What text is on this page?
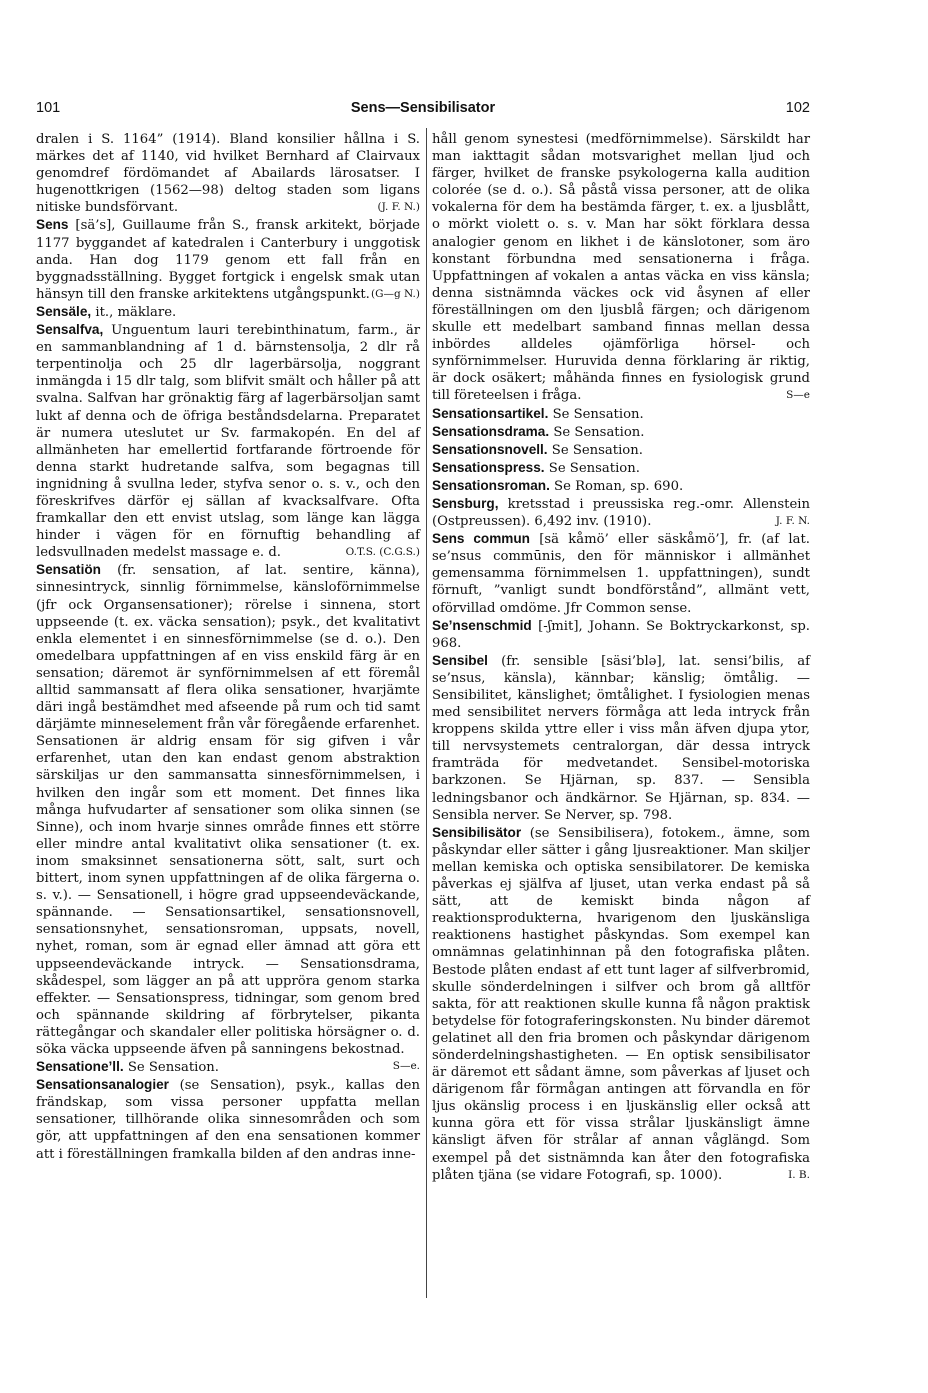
101	Sens—Sensibilisator	102

dralen i S. 1164” (1914). Bland konsilier hållna i S. märkes det af 1140, vid hvilket Bernhard af Clairvaux genomdref fördömandet af Abailards lärosatser. I hugenottkrigen (1562—98) deltog staden som ligans nitiske bundsförvant.	(J. F. N.)

Sens [sä’s], Guillaume från S., fransk arkitekt, började 1177 byggandet af katedralen i Canterbury i unggotisk anda. Han dog 1179 genom ett fall från en byggnadsställning. Bygget fortgick i engelsk smak utan hänsyn till den franske arkitektens utgångspunkt. (G—g N.)

Sensäle, it., mäklare.

Sensalfva, Unguentum lauri terebinthinatum, farm., är en sammanblandning af 1 d. bärnstensolja, 2 dlr rå terpentinolja och 25 dlr lagerbärsolja, noggrant inmängda i 15 dlr talg, som blifvit smält och håller på att svalna. Salfvan har grönaktig färg af lagerbärsoljan samt lukt af denna och de öfriga beståndsdelarna. Preparatet är numera uteslutet ur Sv. farmakopén. En del af allmänheten har emellertid fortfarande förtroende för denna starkt hudretande salfva, som begagnas till ingnidning å svullna leder, styfva senor o. s. v., och den föreskrifves därför ej sällan af kvacksalfvare. Ofta framkallar den ett envist utslag, som länge kan lägga hinder i vägen för en förnuftig behandling af ledsvullnaden medelst massage e. d.	O.T.S. (C.G.S.)

Sensatiön (fr. sensation, af lat. sentire, känna), sinnesintryck, sinnlig förnimmelse, känsloförnimmelse (jfr ock Organsensationer); rörelse i sinnena, stort uppseende (t. ex. väcka sensation); psyk., det kvalitativt enkla elementet i en sinnesförnimmelse (se d. o.). Den omedelbara uppfattningen af en viss enskild färg är en sensation; däremot är synförnimmelsen af ett föremål alltid sammansatt af flera olika sensationer, hvarjämte däri ingå bestämdhet med afseende på rum och tid samt därjämte minneselement från vår föregående erfarenhet. Sensationen är aldrig ensam för sig gifven i vår erfarenhet, utan den kan endast genom abstraktion särskiljas ur den sammansatta sinnesförnimmelsen, i hvilken den ingår som ett moment. Det finnes lika många hufvudarter af sensationer som olika sinnen (se Sinne), och inom hvarje sinnes område finnes ett större eller mindre antal kvalitativt olika sensationer (t. ex. inom smaksinnet sensationerna sött, salt, surt och bittert, inom synen uppfattningen af de olika färgerna o. s. v.). — Sensationell, i högre grad uppseendeväckande, spännande. — Sensationsartikel, sensationsnovell, sensationsnyhet, sensationsroman, uppsats, novell, nyhet, roman, som är egnad eller ämnad att göra ett uppseendeväckande intryck. — Sensationsdrama, skådespel, som lägger an på att uppröra genom starka effekter. — Sensationspress, tidningar, som genom bred och spännande skildring af förbrytelser, pikanta rättegångar och skandaler eller politiska hörsägner o. d. söka väcka uppseende äfven på sanningens bekostnad.
S—e.

Sensatione’ll. Se Sensation.

Sensationsanalogier (se Sensation), psyk., kallas den frändskap, som vissa personer uppfatta mellan sensationer, tillhörande olika sinnesområden och som gör, att uppfattningen af den ena sensationen kommer att i föreställningen framkalla bilden af den andras inne-

håll genom synestesi (medförnimmelse). Särskildt har man iakttagit sådan motsvarighet mellan ljud och färger, hvilket de franske psykologerna kalla audition colorée (se d. o.). Så påstå vissa personer, att de olika vokalerna för dem ha bestämda färger, t. ex. a ljusblått, o mörkt violett o. s. v. Man har sökt förklara dessa analogier genom en likhet i de känslotoner, som äro konstant förbundna med sensationerna i fråga. Uppfattningen af vokalen a antas väcka en viss känsla; denna sistnämnda väckes ock vid åsynen af eller föreställningen om den ljusblå färgen; och därigenom skulle ett medelbart samband finnas mellan dessa inbördes alldeles ojämförliga hörsel- och synförnimmelser. Huruvida denna förklaring är riktig, är dock osäkert; måhända finnes en fysiologisk grund till företeelsen i fråga.	S—e

Sensationsartikel. Se Sensation.

Sensationsdrama. Se Sensation.

Sensationsnovell. Se Sensation.

Sensationspress. Se Sensation.

Sensationsroman. Se Roman, sp. 690.

Sensburg, kretsstad i preussiska reg.-omr. Allenstein (Ostpreussen). 6,492 inv. (1910).	J. F. N.

Sens commun [sä kåmö’ eller säskåmö’], fr. (af lat. se’nsus commūnis, den för människor i allmänhet gemensamma förnimmelsen 1. uppfattningen), sundt förnuft, ”vanligt sundt bondförstånd”, allmänt vett, oförvillad omdöme. Jfr Common sense.

Se’nsenschmid [-ʃmit], Johann. Se Boktryckarkonst, sp. 968.

Sensibel (fr. sensible [säsi’blə], lat. sensi’bilis, af se’nsus, känsla), kännbar; känslig; ömtålig. — Sensibilitet, känslighet; ömtålighet. I fysiologien menas med sensibilitet nervers förmåga att leda intryck från kroppens skilda yttre eller i viss mån äfven djupa ytor, till nervsystemets centralorgan, där dessa intryck framträda för medvetandet. Sensibel-motoriska barkzonen. Se Hjärnan, sp. 837. — Sensibla ledningsbanor och ändkärnor. Se Hjärnan, sp. 834. — Sensibla nerver. Se Nerver, sp. 798.

Sensibilisätor (se Sensibilisera), fotokem., ämne, som påskyndar eller sätter i gång ljusreaktioner. Man skiljer mellan kemiska och optiska sensibilatorer. De kemiska påverkas ej själfva af ljuset, utan verka endast på så sätt, att de kemiskt binda någon af reaktionsprodukterna, hvarigenom den ljuskänsliga reaktionens hastighet påskyndas. Som exempel kan omnämnas gelatinhinnan på den fotografiska plåten. Bestode plåten endast af ett tunt lager af silfverbromid, skulle sönderdelningen i silfver och brom gå alltför sakta, för att reaktionen skulle kunna få någon praktisk betydelse för fotograferingskonsten. Nu binder däremot gelatinet all den fria bromen och påskyndar därigenom sönderdelningshastigheten. — En optisk sensibilisator är däremot ett sådant ämne, som påverkas af ljuset och därigenom får förmågan antingen att förvandla en för ljus okänslig process i en ljuskänslig eller också att kunna göra ett för vissa strålar ljuskänsligt ämne känsligt äfven för strålar af annan våglängd. Som exempel på det sistnämnda kan åter den fotografiska plåten tjäna (se vidare Fotografi, sp. 1000).	I. B.
